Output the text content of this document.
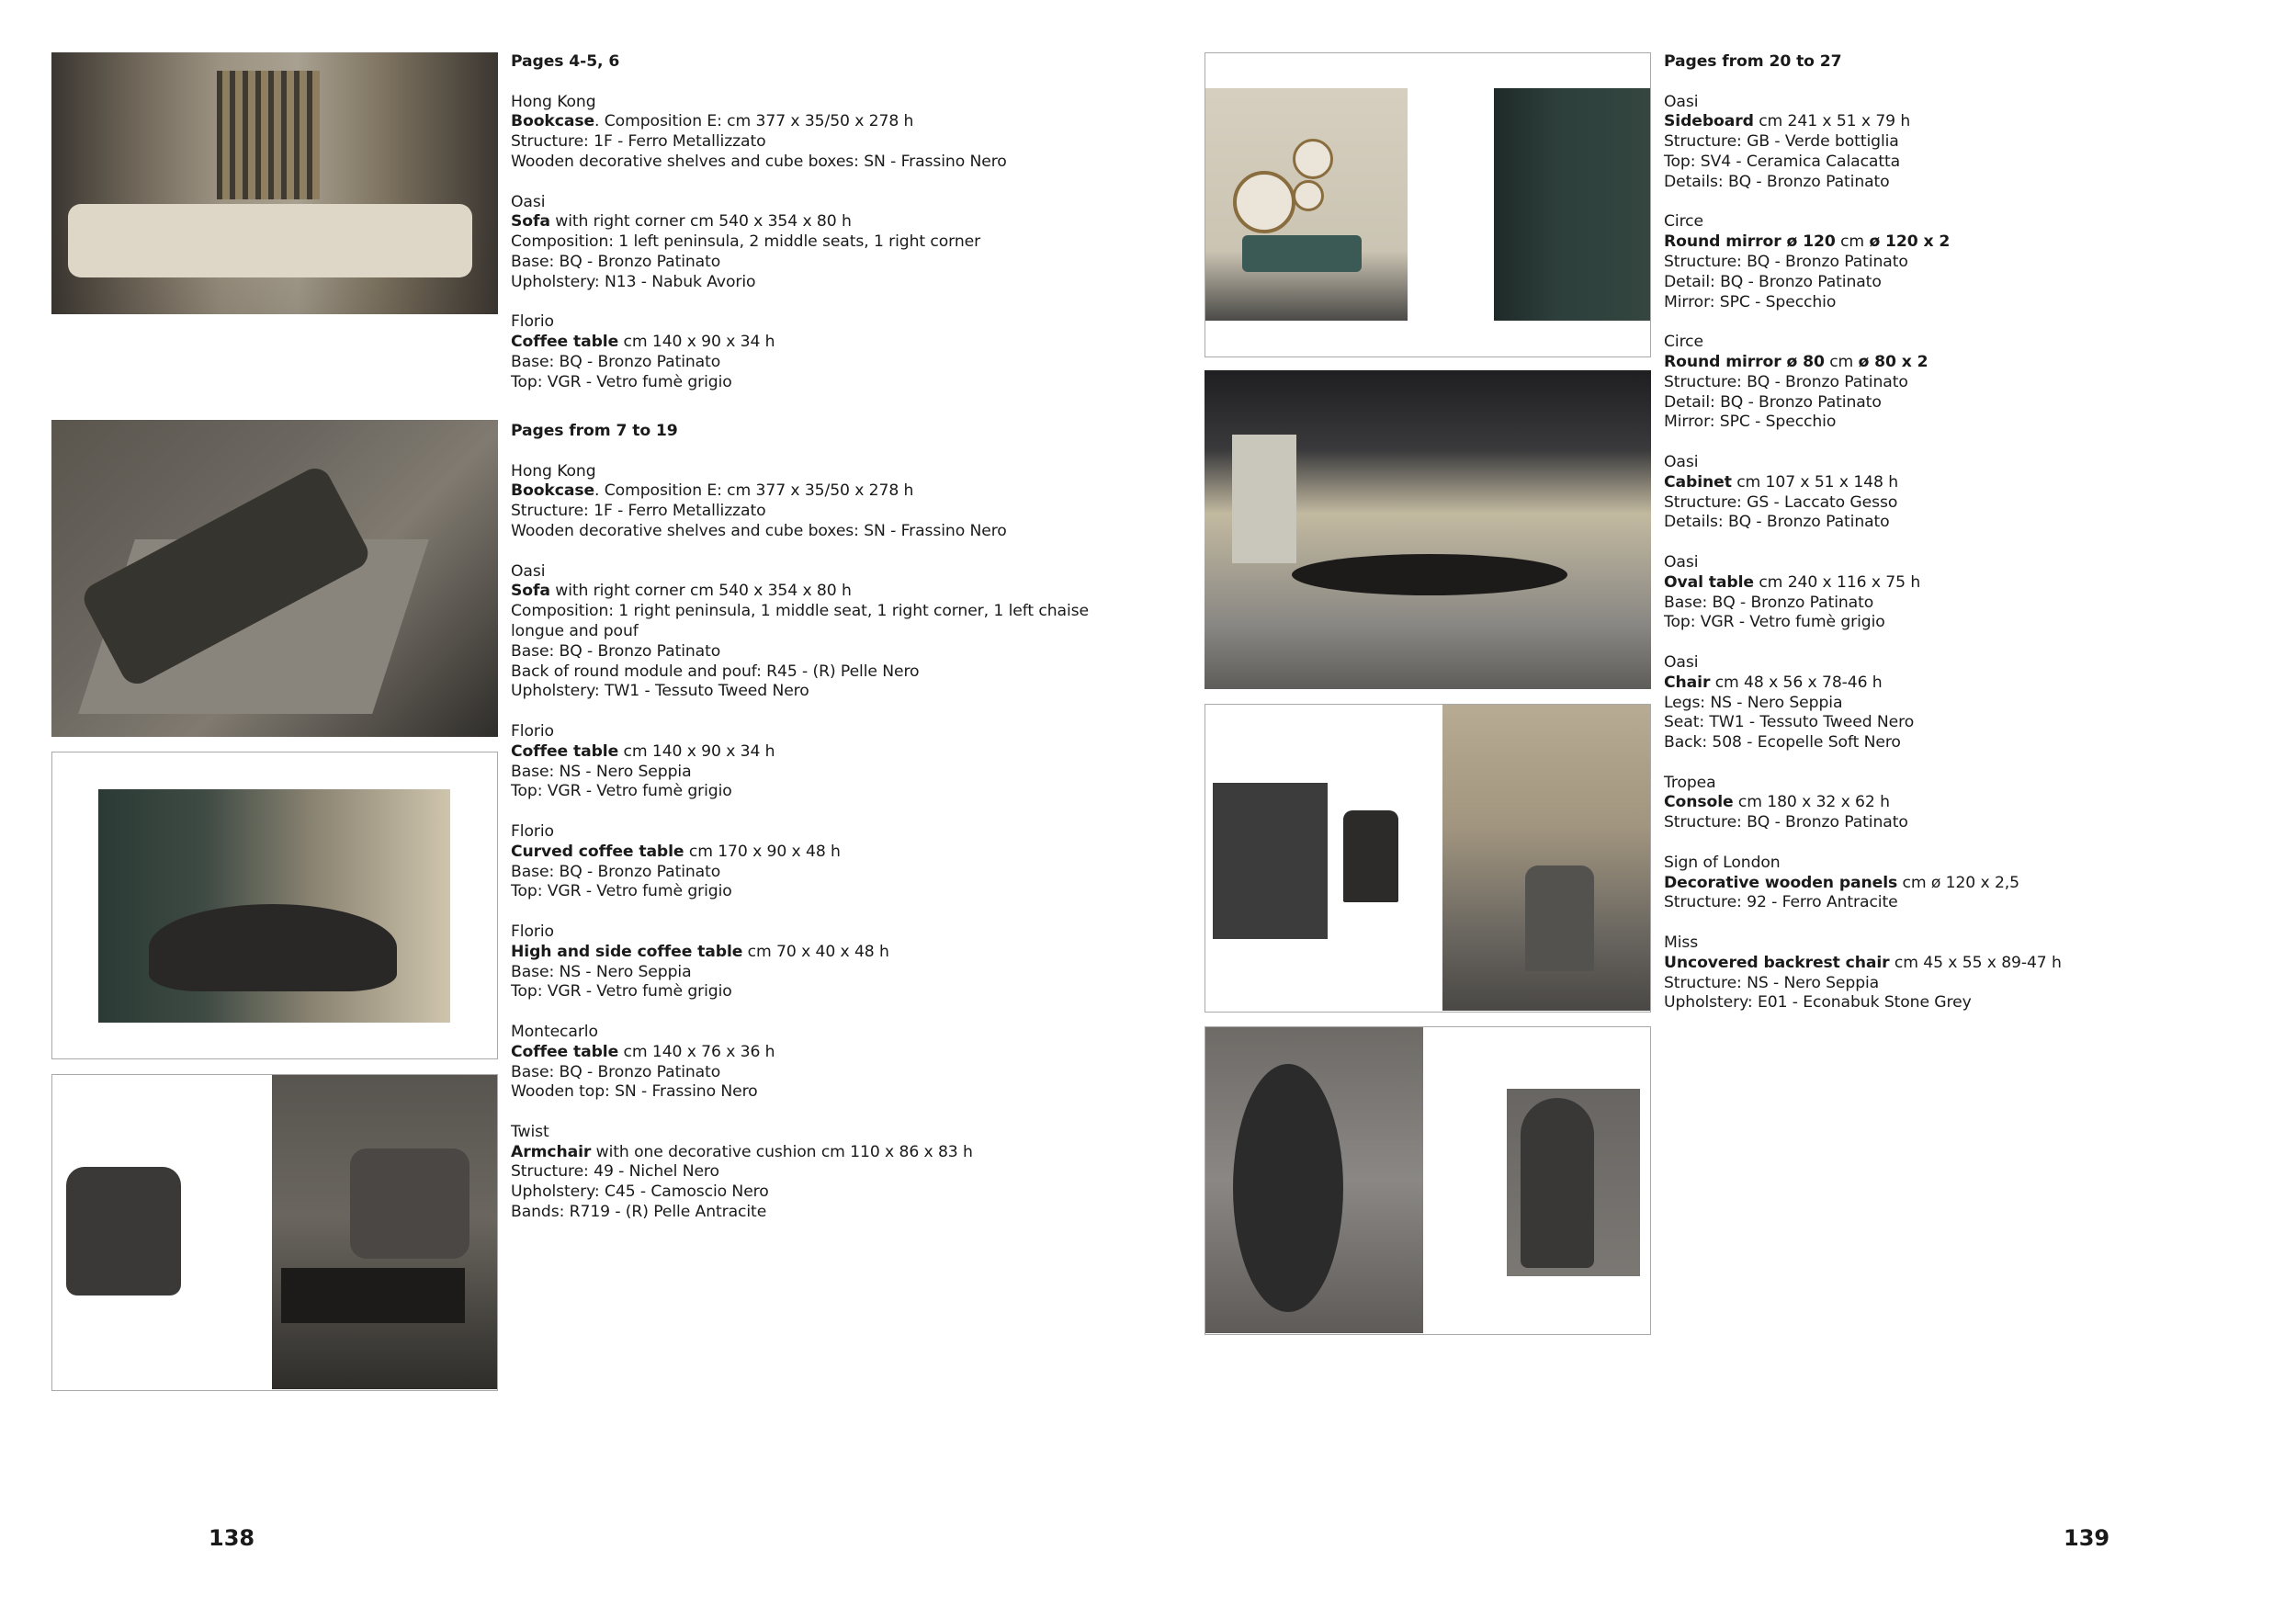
Pages 4-5, 6
Hong Kong
Bookcase. Composition E: cm 377 x 35/50 x 278 h
Structure: 1F - Ferro Metallizzato
Wooden decorative shelves and cube boxes: SN - Frassino Nero
Oasi
Sofa with right corner cm 540 x 354 x 80 h
Composition: 1 left peninsula, 2 middle seats, 1 right corner
Base: BQ - Bronzo Patinato
Upholstery: N13 - Nabuk Avorio
Florio
Coffee table cm 140 x 90 x 34 h
Base: BQ - Bronzo Patinato
Top: VGR - Vetro fumè grigio
Pages from 7 to 19
Hong Kong
Bookcase. Composition E: cm 377 x 35/50 x 278 h
Structure: 1F - Ferro Metallizzato
Wooden decorative shelves and cube boxes: SN - Frassino Nero
Oasi
Sofa with right corner cm 540 x 354 x 80 h
Composition: 1 right peninsula, 1 middle seat, 1 right corner, 1 left chaise
longue and pouf
Base: BQ - Bronzo Patinato
Back of round module and pouf: R45 - (R) Pelle Nero
Upholstery: TW1 - Tessuto Tweed Nero
Florio
Coffee table cm 140 x 90 x 34 h
Base: NS - Nero Seppia
Top: VGR - Vetro fumè grigio
Florio
Curved coffee table cm 170 x 90 x 48 h
Base: BQ - Bronzo Patinato
Top: VGR - Vetro fumè grigio
Florio
High and side coffee table cm 70 x 40 x 48 h
Base: NS - Nero Seppia
Top: VGR - Vetro fumè grigio
Montecarlo
Coffee table cm 140 x 76 x 36 h
Base: BQ - Bronzo Patinato
Wooden top: SN - Frassino Nero
Twist
Armchair with one decorative cushion cm 110 x 86 x 83 h
Structure: 49 - Nichel Nero
Upholstery: C45 - Camoscio Nero
Bands: R719 - (R) Pelle Antracite
138
Pages from 20 to 27
Oasi
Sideboard cm 241 x 51 x 79 h
Structure: GB - Verde bottiglia
Top: SV4 - Ceramica Calacatta
Details: BQ - Bronzo Patinato
Circe
Round mirror ø 120 cm ø 120 x 2
Structure: BQ - Bronzo Patinato
Detail: BQ - Bronzo Patinato
Mirror: SPC - Specchio
Circe
Round mirror ø 80 cm ø 80 x 2
Structure: BQ - Bronzo Patinato
Detail: BQ - Bronzo Patinato
Mirror: SPC - Specchio
Oasi
Cabinet cm 107 x 51 x 148 h
Structure: GS - Laccato Gesso
Details: BQ - Bronzo Patinato
Oasi
Oval table cm 240 x 116 x 75 h
Base: BQ - Bronzo Patinato
Top: VGR - Vetro fumè grigio
Oasi
Chair cm 48 x 56 x 78-46 h
Legs: NS - Nero Seppia
Seat: TW1 - Tessuto Tweed Nero
Back: 508 - Ecopelle Soft Nero
Tropea
Console cm 180 x 32 x 62 h
Structure: BQ - Bronzo Patinato
Sign of London
Decorative wooden panels cm ø 120 x 2,5
Structure: 92 - Ferro Antracite
Miss
Uncovered backrest chair cm 45 x 55 x 89-47 h
Structure: NS - Nero Seppia
Upholstery: E01 - Econabuk Stone Grey
139
